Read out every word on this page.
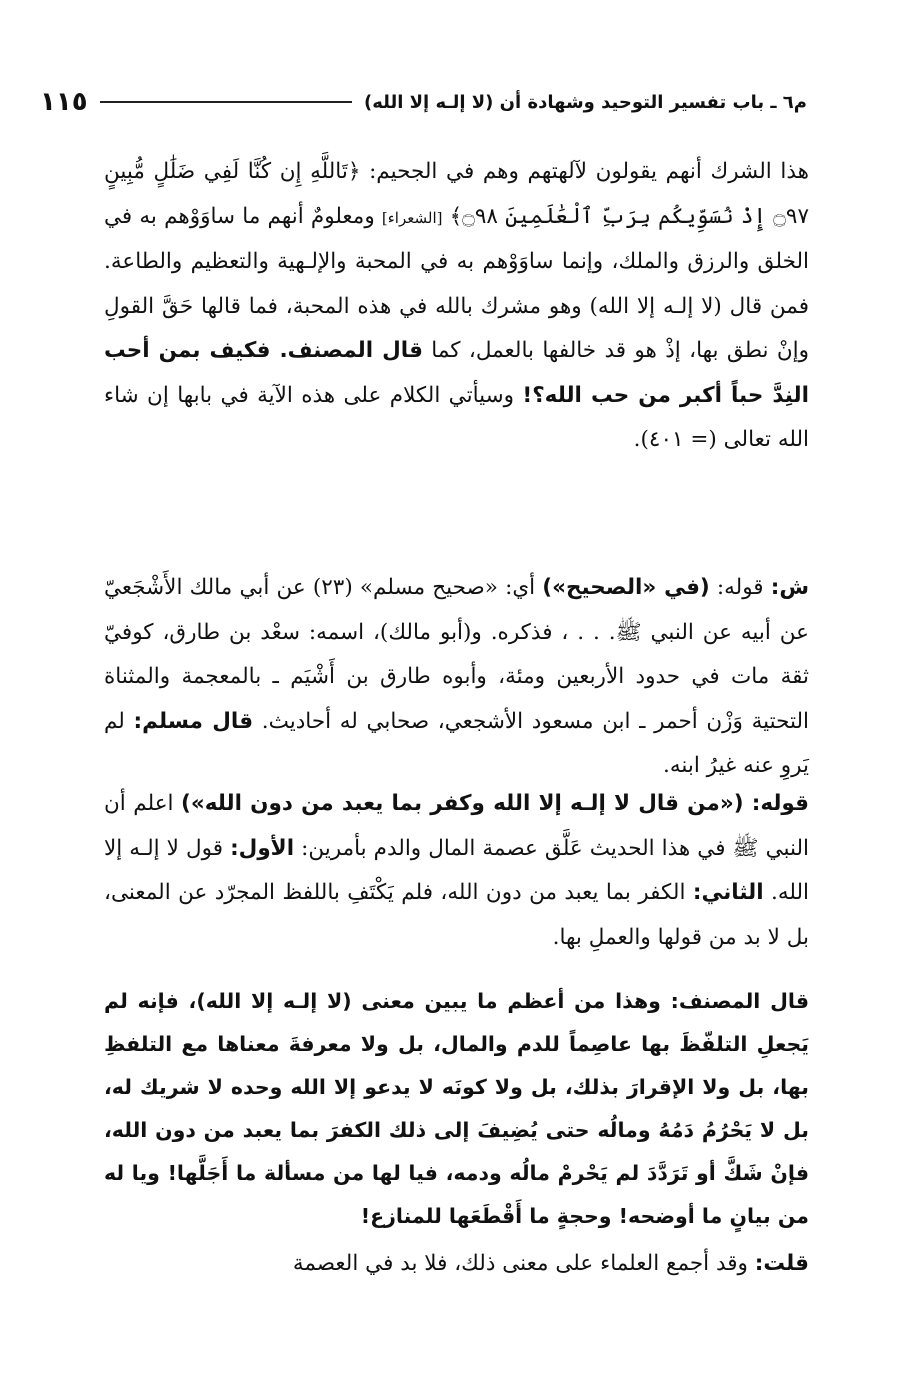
١١٥	م٦ ـ باب تفسير التوحيد وشهادة أن (لا إلـه إلا الله)
هذا الشرك أنهم يقولون لآلهتهم وهم في الجحيم: ﴿تَاللَّهِ إِن كُنَّا لَفِي ضَلَٰلٍ مُّبِينٍ ۝٩٧ إِذْ نُسَوِّيكُم بِرَبِّ ٱلْعَٰلَمِينَ ۝٩٨﴾ [الشعراء] ومعلومٌ أنهم ما ساوَوْهم به في الخلق والرزق والملك، وإنما ساوَوْهم به في المحبة والإلـهية والتعظيم والطاعة. فمن قال (لا إلـه إلا الله) وهو مشرك بالله في هذه المحبة، فما قالها حَقَّ القولِ وإنْ نطق بها، إذْ هو قد خالفها بالعمل، كما قال المصنف. فكيف بمن أحب النِدَّ حباً أكبر من حب الله؟! وسيأتي الكلام على هذه الآية في بابها إن شاء الله تعالى (= ٤٠١).
ش: قوله: (في «الصحيح») أي: «صحيح مسلم» (٢٣) عن أبي مالك الأَشْجَعيّ عن أبيه عن النبي ﷺ. . . ، فذكره. و(أبو مالك)، اسمه: سعْد بن طارق، كوفيّ ثقة مات في حدود الأربعين ومئة، وأبوه طارق بن أَشْيَم ـ بالمعجمة والمثناة التحتية وَزْن أحمر ـ ابن مسعود الأشجعي، صحابي له أحاديث. قال مسلم: لم يَروِ عنه غيرُ ابنه.
قوله: («من قال لا إلـه إلا الله وكفر بما يعبد من دون الله») اعلم أن النبي ﷺ في هذا الحديث عَلَّق عصمة المال والدم بأمرين: الأول: قول لا إلـه إلا الله. الثاني: الكفر بما يعبد من دون الله، فلم يَكْتَفِ باللفظ المجرّد عن المعنى، بل لا بد من قولها والعملِ بها.
قال المصنف: وهذا من أعظم ما يبين معنى (لا إلـه إلا الله)، فإنه لم يَجعلِ التلفّظَ بها عاصِماً للدم والمال، بل ولا معرفةَ معناها مع التلفظِ بها، بل ولا الإقرارَ بذلك، بل ولا كونَه لا يدعو إلا الله وحده لا شريك له، بل لا يَحْرُمُ دَمُهُ ومالُه حتى يُضِيفَ إلى ذلك الكفرَ بما يعبد من دون الله، فإنْ شَكَّ أو تَرَدَّدَ لم يَحْرمْ مالُه ودمه، فيا لها من مسألة ما أَجَلَّها! ويا له من بيانٍ ما أوضحه! وحجةٍ ما أَقْطَعَها للمنازع!
قلت: وقد أجمع العلماء على معنى ذلك، فلا بد في العصمة
